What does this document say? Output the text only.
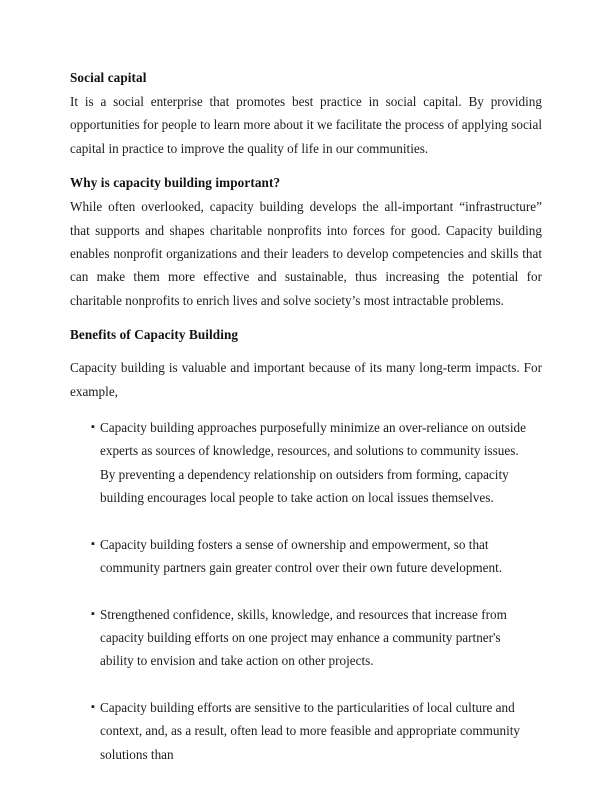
Social capital

It is a social enterprise that promotes best practice in social capital. By providing opportunities for people to learn more about it we facilitate the process of applying social capital in practice to improve the quality of life in our communities.

Why is capacity building important?

While often overlooked, capacity building develops the all-important “infrastructure” that supports and shapes charitable nonprofits into forces for good. Capacity building enables nonprofit organizations and their leaders to develop competencies and skills that can make them more effective and sustainable, thus increasing the potential for charitable nonprofits to enrich lives and solve society’s most intractable problems.

Benefits of Capacity Building

Capacity building is valuable and important because of its many long-term impacts. For example,

▪ Capacity building approaches purposefully minimize an over-reliance on outside experts as sources of knowledge, resources, and solutions to community issues. By preventing a dependency relationship on outsiders from forming, capacity building encourages local people to take action on local issues themselves.
▪ Capacity building fosters a sense of ownership and empowerment, so that community partners gain greater control over their own future development.
▪ Strengthened confidence, skills, knowledge, and resources that increase from capacity building efforts on one project may enhance a community partner's ability to envision and take action on other projects.
▪ Capacity building efforts are sensitive to the particularities of local culture and context, and, as a result, often lead to more feasible and appropriate community solutions than
